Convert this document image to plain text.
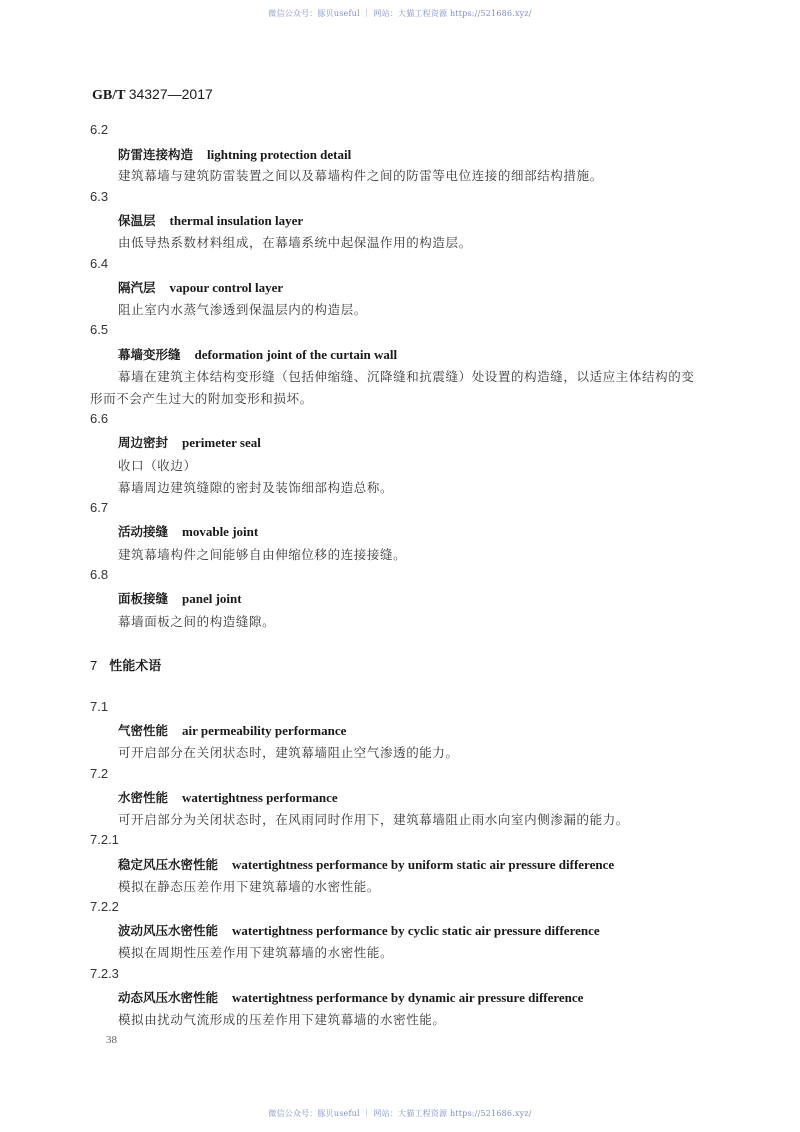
微信公众号：豚贝useful ｜ 网站：大猫工程资源 https://521686.xyz/
GB/T 34327—2017
6.2
防雷连接构造 lightning protection detail
建筑幕墙与建筑防雷装置之间以及幕墙构件之间的防雷等电位连接的细部结构措施。
6.3
保温层 thermal insulation layer
由低导热系数材料组成，在幕墙系统中起保温作用的构造层。
6.4
隔汽层 vapour control layer
阻止室内水蒸气渗透到保温层内的构造层。
6.5
幕墙变形缝 deformation joint of the curtain wall
幕墙在建筑主体结构变形缝（包括伸缩缝、沉降缝和抗震缝）处设置的构造缝，以适应主体结构的变
形而不会产生过大的附加变形和损坏。
6.6
周边密封 perimeter seal
收口（收边）
幕墙周边建筑缝隙的密封及装饰细部构造总称。
6.7
活动接缝 movable joint
建筑幕墙构件之间能够自由伸缩位移的连接接缝。
6.8
面板接缝 panel joint
幕墙面板之间的构造缝隙。
7 性能术语
7.1
气密性能 air permeability performance
可开启部分在关闭状态时，建筑幕墙阻止空气渗透的能力。
7.2
水密性能 watertightness performance
可开启部分为关闭状态时，在风雨同时作用下，建筑幕墙阻止雨水向室内侧渗漏的能力。
7.2.1
稳定风压水密性能 watertightness performance by uniform static air pressure difference
模拟在静态压差作用下建筑幕墙的水密性能。
7.2.2
波动风压水密性能 watertightness performance by cyclic static air pressure difference
模拟在周期性压差作用下建筑幕墙的水密性能。
7.2.3
动态风压水密性能 watertightness performance by dynamic air pressure difference
模拟由扰动气流形成的压差作用下建筑幕墙的水密性能。
38
微信公众号：豚贝useful ｜ 网站：大猫工程资源 https://521686.xyz/
